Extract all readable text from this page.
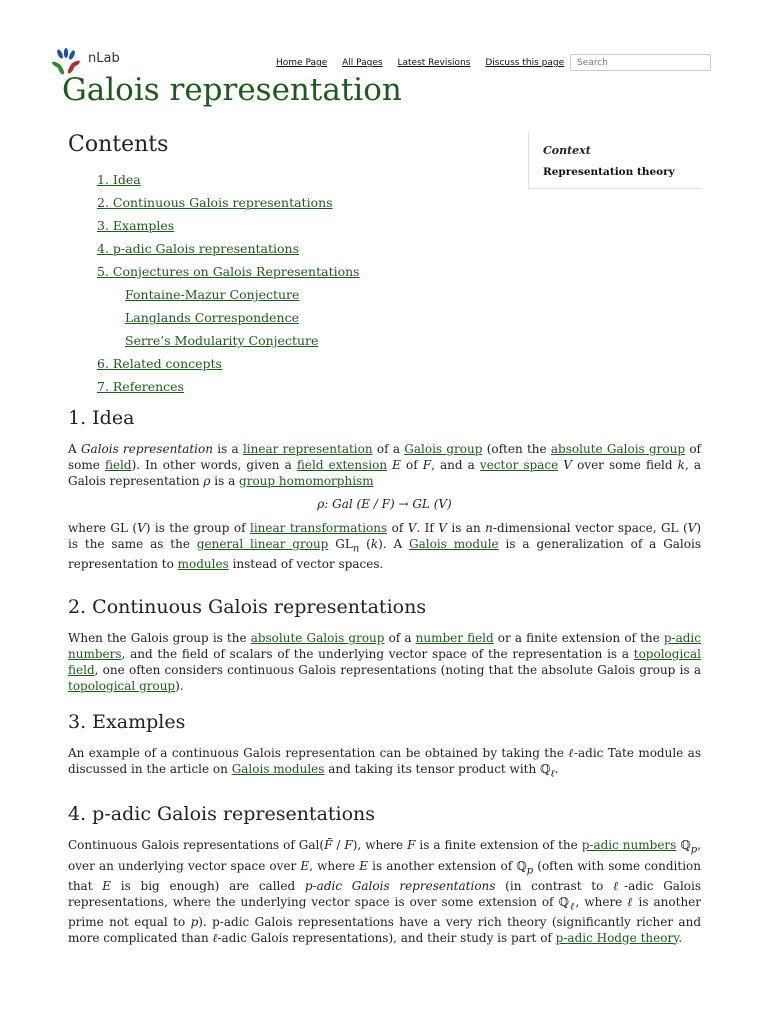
nLab	Home Page All Pages Latest Revisions Discuss this page
Search
Galois representation
Context
Representation theory
Contents
1. Idea
2. Continuous Galois representations
3. Examples
4. p-adic Galois representations
5. Conjectures on Galois Representations
Fontaine-Mazur Conjecture
Langlands Correspondence
Serre’s Modularity Conjecture
6. Related concepts
7. References
1. Idea

A Galois representation is a linear representation of a Galois group (often the absolute Galois group of some field). In other words, given a field extension E of F, and a vector space V over some field k, a Galois representation ρ is a group homomorphism

ρ: Gal (E / F) → GL (V)

where GL (V) is the group of linear transformations of V. If V is an n-dimensional vector space, GL (V) is the same as the general linear group $GL_n$ (k). A Galois module is a generalization of a Galois representation to modules instead of vector spaces.

2. Continuous Galois representations

When the Galois group is the absolute Galois group of a number field or a finite extension of the p-adic numbers, and the field of scalars of the underlying vector space of the representation is a topological field, one often considers continuous Galois representations (noting that the absolute Galois group is a topological group).

3. Examples

An example of a continuous Galois representation can be obtained by taking the ℓ-adic Tate module as discussed in the article on Galois modules and taking its tensor product with ℚ$_\ell$.

4. p-adic Galois representations

Continuous Galois representations of Gal(F̄ / F), where F is a finite extension of the p-adic numbers ℚ$_p$, over an underlying vector space over E, where E is another extension of ℚ$_p$ (often with some condition that E is big enough) are called p-adic Galois representations (in contrast to ℓ-adic Galois representations, where the underlying vector space is over some extension of ℚ$_\ell$, where ℓ is another prime not equal to p). p-adic Galois representations have a very rich theory (significantly richer and more complicated than ℓ-adic Galois representations), and their study is part of p-adic Hodge theory.
